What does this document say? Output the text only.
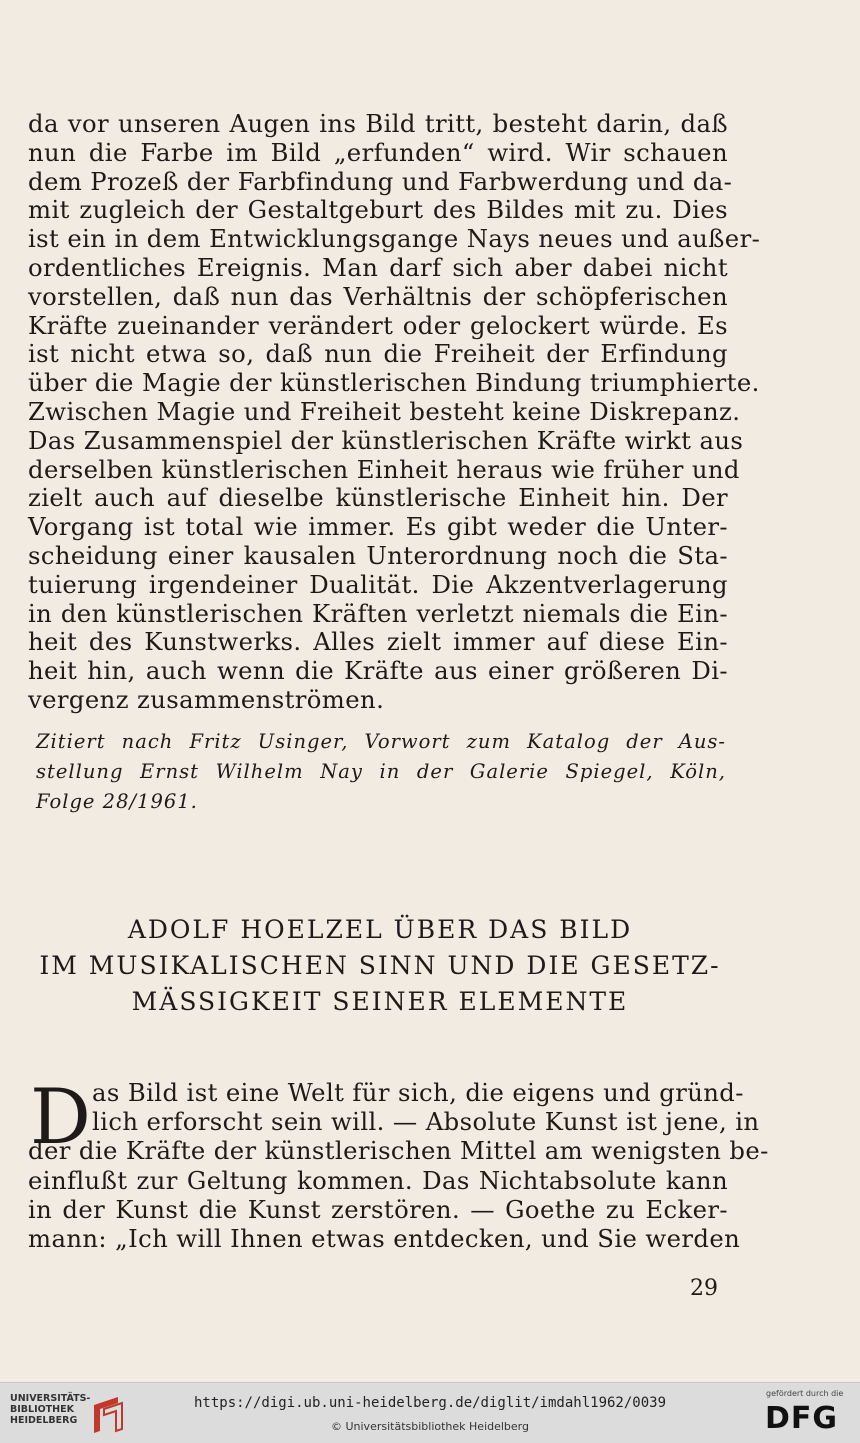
da vor unseren Augen ins Bild tritt, besteht darin, daß
nun die Farbe im Bild „erfunden“ wird. Wir schauen
dem Prozeß der Farbfindung und Farbwerdung und da-
mit zugleich der Gestaltgeburt des Bildes mit zu. Dies
ist ein in dem Entwicklungsgange Nays neues und außer-
ordentliches Ereignis. Man darf sich aber dabei nicht
vorstellen, daß nun das Verhältnis der schöpferischen
Kräfte zueinander verändert oder gelockert würde. Es
ist nicht etwa so, daß nun die Freiheit der Erfindung
über die Magie der künstlerischen Bindung triumphierte.
Zwischen Magie und Freiheit besteht keine Diskrepanz.
Das Zusammenspiel der künstlerischen Kräfte wirkt aus
derselben künstlerischen Einheit heraus wie früher und
zielt auch auf dieselbe künstlerische Einheit hin. Der
Vorgang ist total wie immer. Es gibt weder die Unter-
scheidung einer kausalen Unterordnung noch die Sta-
tuierung irgendeiner Dualität. Die Akzentverlagerung
in den künstlerischen Kräften verletzt niemals die Ein-
heit des Kunstwerks. Alles zielt immer auf diese Ein-
heit hin, auch wenn die Kräfte aus einer größeren Di-
vergenz zusammenströmen.
Zitiert nach Fritz Usinger, Vorwort zum Katalog der Aus-
stellung Ernst Wilhelm Nay in der Galerie Spiegel, Köln,
Folge 28/1961.
ADOLF HOELZEL ÜBER DAS BILD
IM MUSIKALISCHEN SINN UND DIE GESETZ-
MÄSSIGKEIT SEINER ELEMENTE
D as Bild ist eine Welt für sich, die eigens und gründ-
lich erforscht sein will. — Absolute Kunst ist jene, in
der die Kräfte der künstlerischen Mittel am wenigsten be-
einflußt zur Geltung kommen. Das Nichtabsolute kann
in der Kunst die Kunst zerstören. — Goethe zu Ecker-
mann: „Ich will Ihnen etwas entdecken, und Sie werden
29
UNIVERSITÄTS-
BIBLIOTHEK
HEIDELBERG
https://digi.ub.uni-heidelberg.de/diglit/imdahl1962/0039
© Universitätsbibliothek Heidelberg
gefördert durch die
DFG
